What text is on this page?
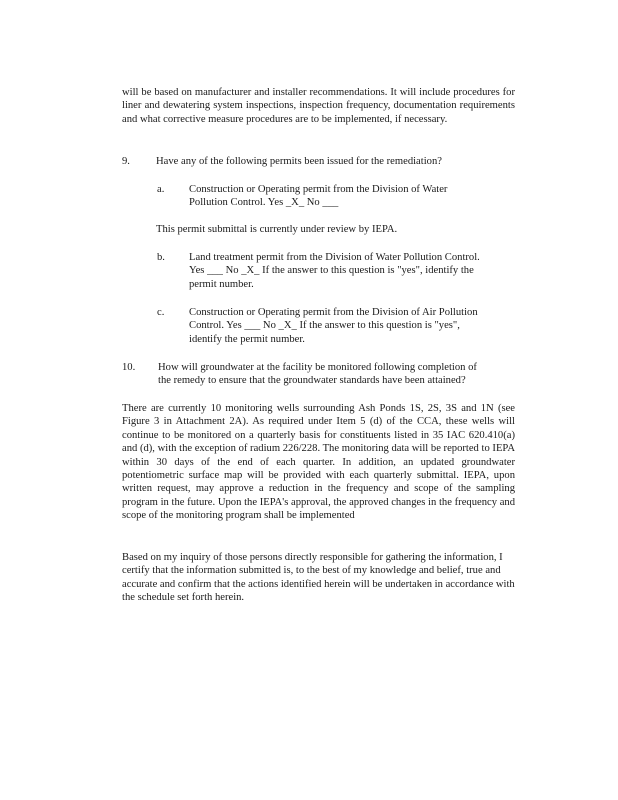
will be based on manufacturer and installer recommendations. It will include procedures for liner and dewatering system inspections, inspection frequency, documentation requirements and what corrective measure procedures are to be implemented, if necessary.

9. Have any of the following permits been issued for the remediation?
a. Construction or Operating permit from the Division of Water
Pollution Control. Yes _X_ No ___

This permit submittal is currently under review by IEPA.

b. Land treatment permit from the Division of Water Pollution Control.
Yes ___ No _X_ If the answer to this question is "yes", identify the
permit number.
c. Construction or Operating permit from the Division of Air Pollution
Control. Yes ___ No _X_ If the answer to this question is "yes",
identify the permit number.
10. How will groundwater at the facility be monitored following completion of
the remedy to ensure that the groundwater standards have been attained?

There are currently 10 monitoring wells surrounding Ash Ponds 1S, 2S, 3S and 1N (see Figure 3 in Attachment 2A). As required under Item 5 (d) of the CCA, these wells will continue to be monitored on a quarterly basis for constituents listed in 35 IAC 620.410(a) and (d), with the exception of radium 226/228. The monitoring data will be reported to IEPA within 30 days of the end of each quarter. In addition, an updated groundwater potentiometric surface map will be provided with each quarterly submittal. IEPA, upon written request, may approve a reduction in the frequency and scope of the sampling program in the future. Upon the IEPA's approval, the approved changes in the frequency and scope of the monitoring program shall be implemented

Based on my inquiry of those persons directly responsible for gathering the information, I certify that the information submitted is, to the best of my knowledge and belief, true and accurate and confirm that the actions identified herein will be undertaken in accordance with the schedule set forth herein.
